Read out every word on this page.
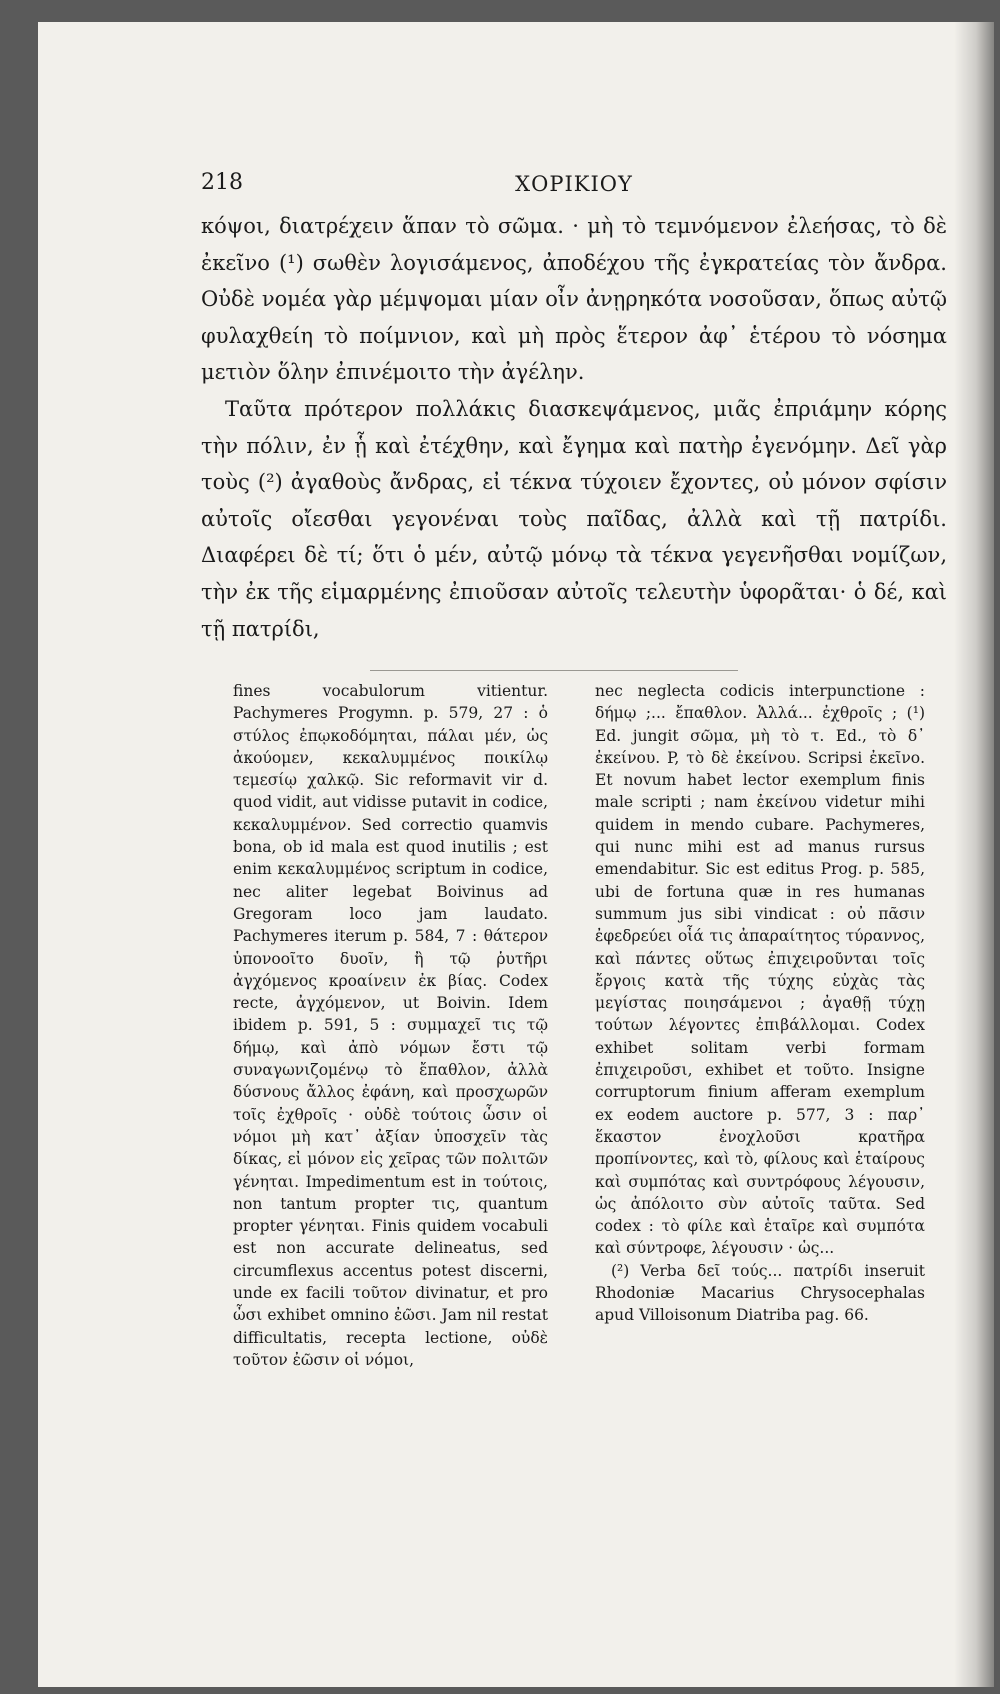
218	ΧΟΡΙΚΙΟΥ

κόψοι, διατρέχειν ἅπαν τὸ σῶμα. · μὴ τὸ τεμνόμενον ἐλεήσας, τὸ δὲ ἐκεῖνο (¹) σωθὲν λογισάμενος, ἀποδέχου τῆς ἐγκρατείας τὸν ἄνδρα. Οὐδὲ νομέα γὰρ μέμψομαι μίαν οἶν ἀνῃρηκότα νοσοῦσαν, ὅπως αὐτῷ φυλαχθείη τὸ ποίμνιον, καὶ μὴ πρὸς ἕτερον ἀφ᾽ ἑτέρου τὸ νόσημα μετιὸν ὅλην ἐπινέμοιτο τὴν ἀγέλην.

Ταῦτα πρότερον πολλάκις διασκεψάμενος, μιᾶς ἐπριάμην κόρης τὴν πόλιν, ἐν ᾗ καὶ ἐτέχθην, καὶ ἔγημα καὶ πατὴρ ἐγενόμην. Δεῖ γὰρ τοὺς (²) ἀγαθοὺς ἄνδρας, εἰ τέκνα τύχοιεν ἔχοντες, οὐ μόνον σφίσιν αὐτοῖς οἴεσθαι γεγονέναι τοὺς παῖδας, ἀλλὰ καὶ τῇ πατρίδι. Διαφέρει δὲ τί; ὅτι ὁ μέν, αὐτῷ μόνῳ τὰ τέκνα γεγενῆσθαι νομίζων, τὴν ἐκ τῆς εἱμαρμένης ἐπιοῦσαν αὐτοῖς τελευτὴν ὑφορᾶται· ὁ δέ, καὶ τῇ πατρίδι,

fines vocabulorum vitientur. Pachymeres Progymn. p. 579, 27 : ὁ στύλος ἐπῳκοδόμηται, πάλαι μέν, ὡς ἀκούομεν, κεκαλυμμένος ποικίλῳ τεμεσίῳ χαλκῷ. Sic reformavit vir d. quod vidit, aut vidisse putavit in codice, κεκαλυμμένον. Sed correctio quamvis bona, ob id mala est quod inutilis ; est enim κεκαλυμμένος scriptum in codice, nec aliter legebat Boivinus ad Gregoram loco jam laudato. Pachymeres iterum p. 584, 7 : θάτερον ὑπονοοῖτο δυοῖν, ἢ τῷ ῥυτῆρι ἀγχόμενος κροαίνειν ἐκ βίας. Codex recte, ἀγχόμενον, ut Boivin. Idem ibidem p. 591, 5 : συμμαχεῖ τις τῷ δήμῳ, καὶ ἀπὸ νόμων ἔστι τῷ συναγωνιζομένῳ τὸ ἔπαθλον, ἀλλὰ δύσνους ἄλλος ἐφάνη, καὶ προσχωρῶν τοῖς ἐχθροῖς · οὐδὲ τούτοις ὦσιν οἱ νόμοι μὴ κατ᾽ ἀξίαν ὑποσχεῖν τὰς δίκας, εἰ μόνον εἰς χεῖρας τῶν πολιτῶν γένηται. Impedimentum est in τούτοις, non tantum propter τις, quantum propter γένηται. Finis quidem vocabuli est non accurate delineatus, sed circumflexus accentus potest discerni, unde ex facili τοῦτον divinatur, et pro ὦσι exhibet omnino ἐῶσι. Jam nil restat difficultatis, recepta lectione, οὐδὲ τοῦτον ἐῶσιν οἱ νόμοι,

nec neglecta codicis interpunctione : δήμῳ ;... ἔπαθλον. Ἀλλά... ἐχθροῖς ; (¹) Ed. jungit σῶμα, μὴ τὸ τ. Ed., τὸ δ᾽ ἐκείνου. P, τὸ δὲ ἐκείνου. Scripsi ἐκεῖνο. Et novum habet lector exemplum finis male scripti ; nam ἐκείνου videtur mihi quidem in mendo cubare. Pachymeres, qui nunc mihi est ad manus rursus emendabitur. Sic est editus Prog. p. 585, ubi de fortuna quæ in res humanas summum jus sibi vindicat : οὐ πᾶσιν ἐφεδρεύει οἷά τις ἀπαραίτητος τύραννος, καὶ πάντες οὕτως ἐπιχειροῦνται τοῖς ἔργοις κατὰ τῆς τύχης εὐχὰς τὰς μεγίστας ποιησάμενοι ; ἀγαθῇ τύχῃ τούτων λέγοντες ἐπιβάλλομαι. Codex exhibet solitam verbi formam ἐπιχειροῦσι, exhibet et τοῦτο. Insigne corruptorum finium afferam exemplum ex eodem auctore p. 577, 3 : παρ᾽ ἕκαστον ἐνοχλοῦσι κρατῆρα προπίνοντες, καὶ τὸ, φίλους καὶ ἑταίρους καὶ συμπότας καὶ συντρόφους λέγουσιν, ὡς ἀπόλοιτο σὺν αὐτοῖς ταῦτα. Sed codex : τὸ φίλε καὶ ἑταῖρε καὶ συμπότα καὶ σύντροφε, λέγουσιν · ὡς...

(²) Verba δεῖ τούς... πατρίδι inseruit Rhodoniæ Macarius Chrysocephalas apud Villoisonum Diatriba pag. 66.
